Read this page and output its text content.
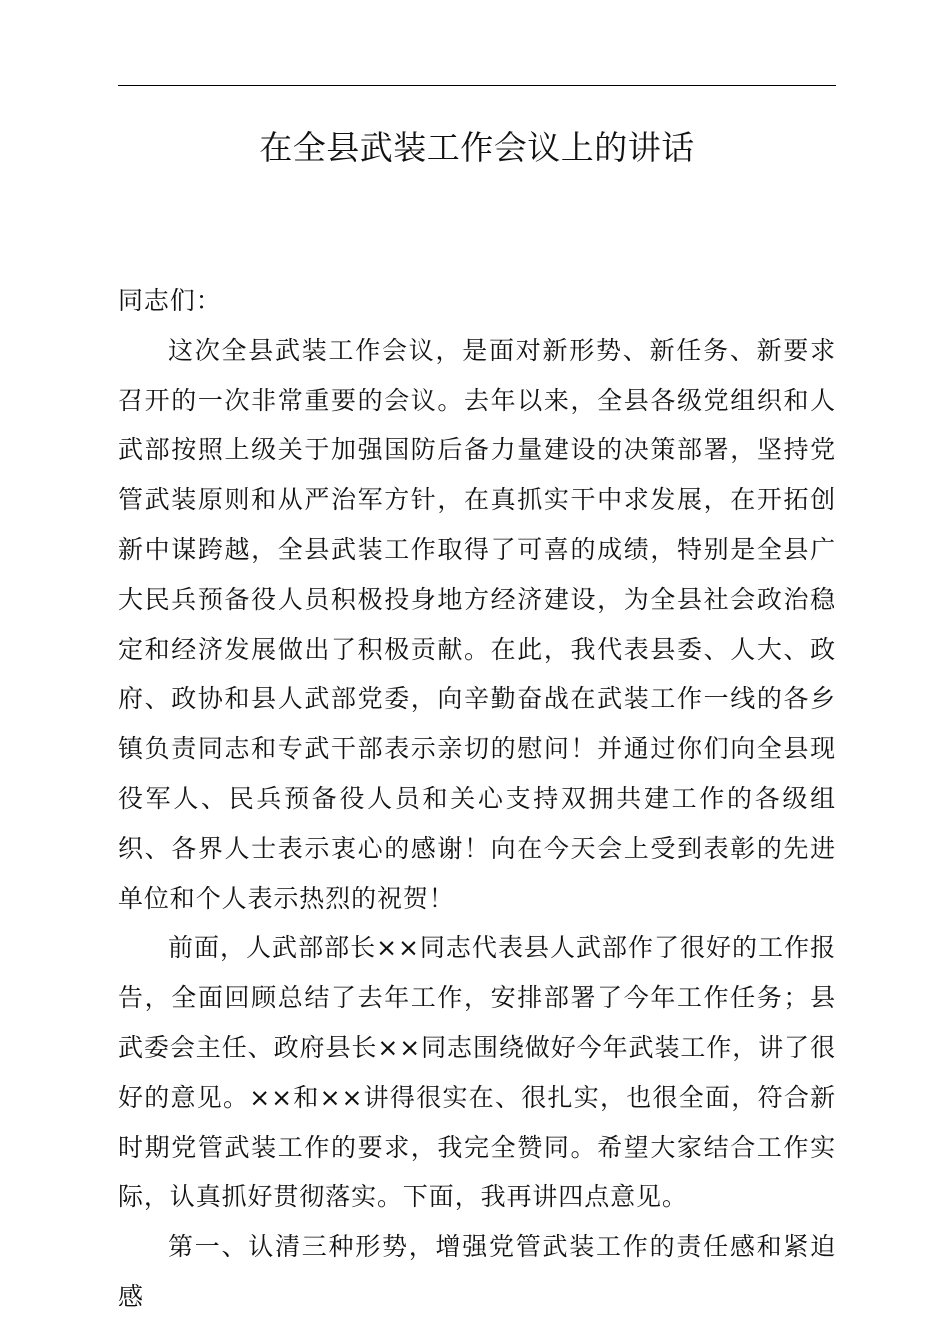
在全县武装工作会议上的讲话

同志们：

这次全县武装工作会议，是面对新形势、新任务、新要求召开的一次非常重要的会议。去年以来，全县各级党组织和人武部按照上级关于加强国防后备力量建设的决策部署，坚持党管武装原则和从严治军方针，在真抓实干中求发展，在开拓创新中谋跨越，全县武装工作取得了可喜的成绩，特别是全县广大民兵预备役人员积极投身地方经济建设，为全县社会政治稳定和经济发展做出了积极贡献。在此，我代表县委、人大、政府、政协和县人武部党委，向辛勤奋战在武装工作一线的各乡镇负责同志和专武干部表示亲切的慰问！并通过你们向全县现役军人、民兵预备役人员和关心支持双拥共建工作的各级组织、各界人士表示衷心的感谢！向在今天会上受到表彰的先进单位和个人表示热烈的祝贺！

前面，人武部部长××同志代表县人武部作了很好的工作报告，全面回顾总结了去年工作，安排部署了今年工作任务；县武委会主任、政府县长××同志围绕做好今年武装工作，讲了很好的意见。××和××讲得很实在、很扎实，也很全面，符合新时期党管武装工作的要求，我完全赞同。希望大家结合工作实际，认真抓好贯彻落实。下面，我再讲四点意见。

第一、认清三种形势，增强党管武装工作的责任感和紧迫感
